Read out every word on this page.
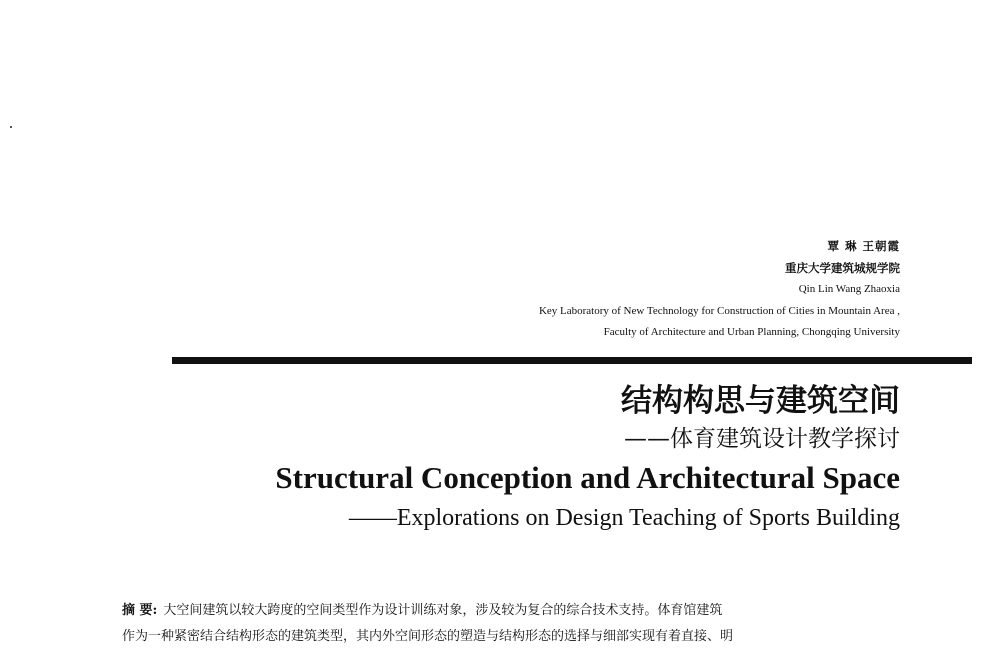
覃 琳 王朝霞
重庆大学建筑城规学院
Qin Lin Wang Zhaoxia
Key Laboratory of New Technology for Construction of Cities in Mountain Area ,
Faculty of Architecture and Urban Planning, Chongqing University
结构构思与建筑空间
——体育建筑设计教学探讨
Structural Conception and Architectural Space
——Explorations on Design Teaching of Sports Building
摘 要: 大空间建筑以较大跨度的空间类型作为设计训练对象，涉及较为复合的综合技术支持。体育馆建筑
作为一种紧密结合结构形态的建筑类型，其内外空间形态的塑造与结构形态的选择与细部实现有着直接、明
